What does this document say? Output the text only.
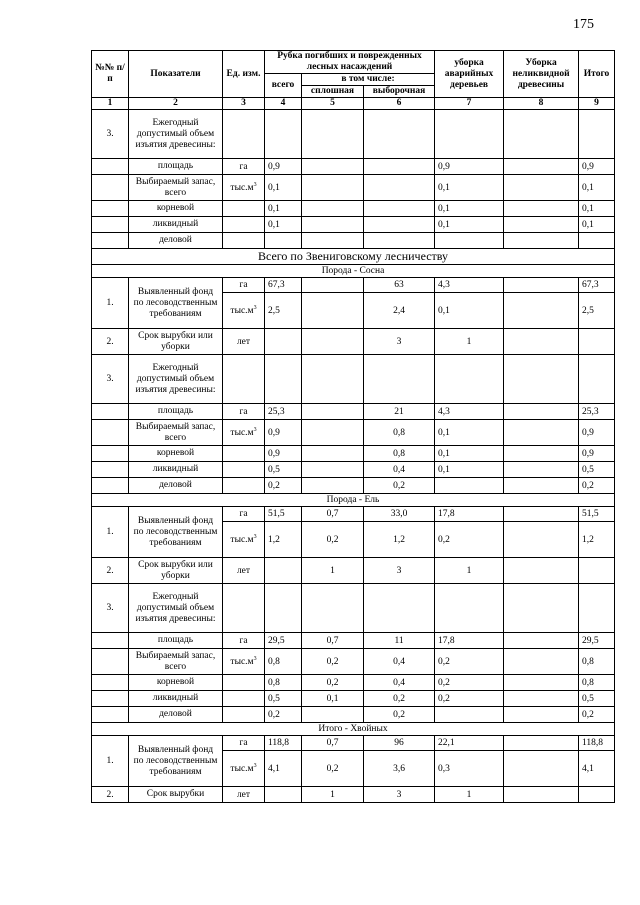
175
№№ п/п	Показатели	Ед. изм.	Рубка погибших и поврежденных лесных насаждений			уборка аварийных деревьев	Уборка неликвидной древесины	Итого

			всего	в том числе:				
				сплошная	выборочная			
1	2	3	4	5	6	7	8	9
3.	Ежегодный допустимый объем изъятия древесины:							
	площадь	га	0,9			0,9		0,9
	Выбираемый запас, всего	$тыс.м^3$	0,1			0,1		0,1
	корневой		0,1			0,1		0,1
	ликвидный		0,1			0,1		0,1
	деловой							
Всего по Звениговскому лесничеству								
Порода - Сосна								
1.	Выявленный фонд по лесоводственным требованиям	га	67,3		63	4,3		67,3
		$тыс.м^3$	2,5		2,4	0,1		2,5
2.	Срок вырубки или уборки	лет			3	1		
3.	Ежегодный допустимый объем изъятия древесины:							
	площадь	га	25,3		21	4,3		25,3
	Выбираемый запас, всего	$тыс.м^3$	0,9		0,8	0,1		0,9
	корневой		0,9		0,8	0,1		0,9
	ликвидный		0,5		0,4	0,1		0,5
	деловой		0,2		0,2			0,2
Порода - Ель								
1.	Выявленный фонд по лесоводственным требованиям	га	51,5	0,7	33,0	17,8		51,5
		$тыс.м^3$	1,2	0,2	1,2	0,2		1,2
2.	Срок вырубки или уборки	лет		1	3	1		
3.	Ежегодный допустимый объем изъятия древесины:							
	площадь	га	29,5	0,7	11	17,8		29,5
	Выбираемый запас, всего	$тыс.м^3$	0,8	0,2	0,4	0,2		0,8
	корневой		0,8	0,2	0,4	0,2		0,8
	ликвидный		0,5	0,1	0,2	0,2		0,5
	деловой		0,2		0,2			0,2
Итого - Хвойных								
1.	Выявленный фонд по лесоводственным требованиям	га	118,8	0,7	96	22,1		118,8
		$тыс.м^3$	4,1	0,2	3,6	0,3		4,1
2.	Срок вырубки	лет		1	3	1		
